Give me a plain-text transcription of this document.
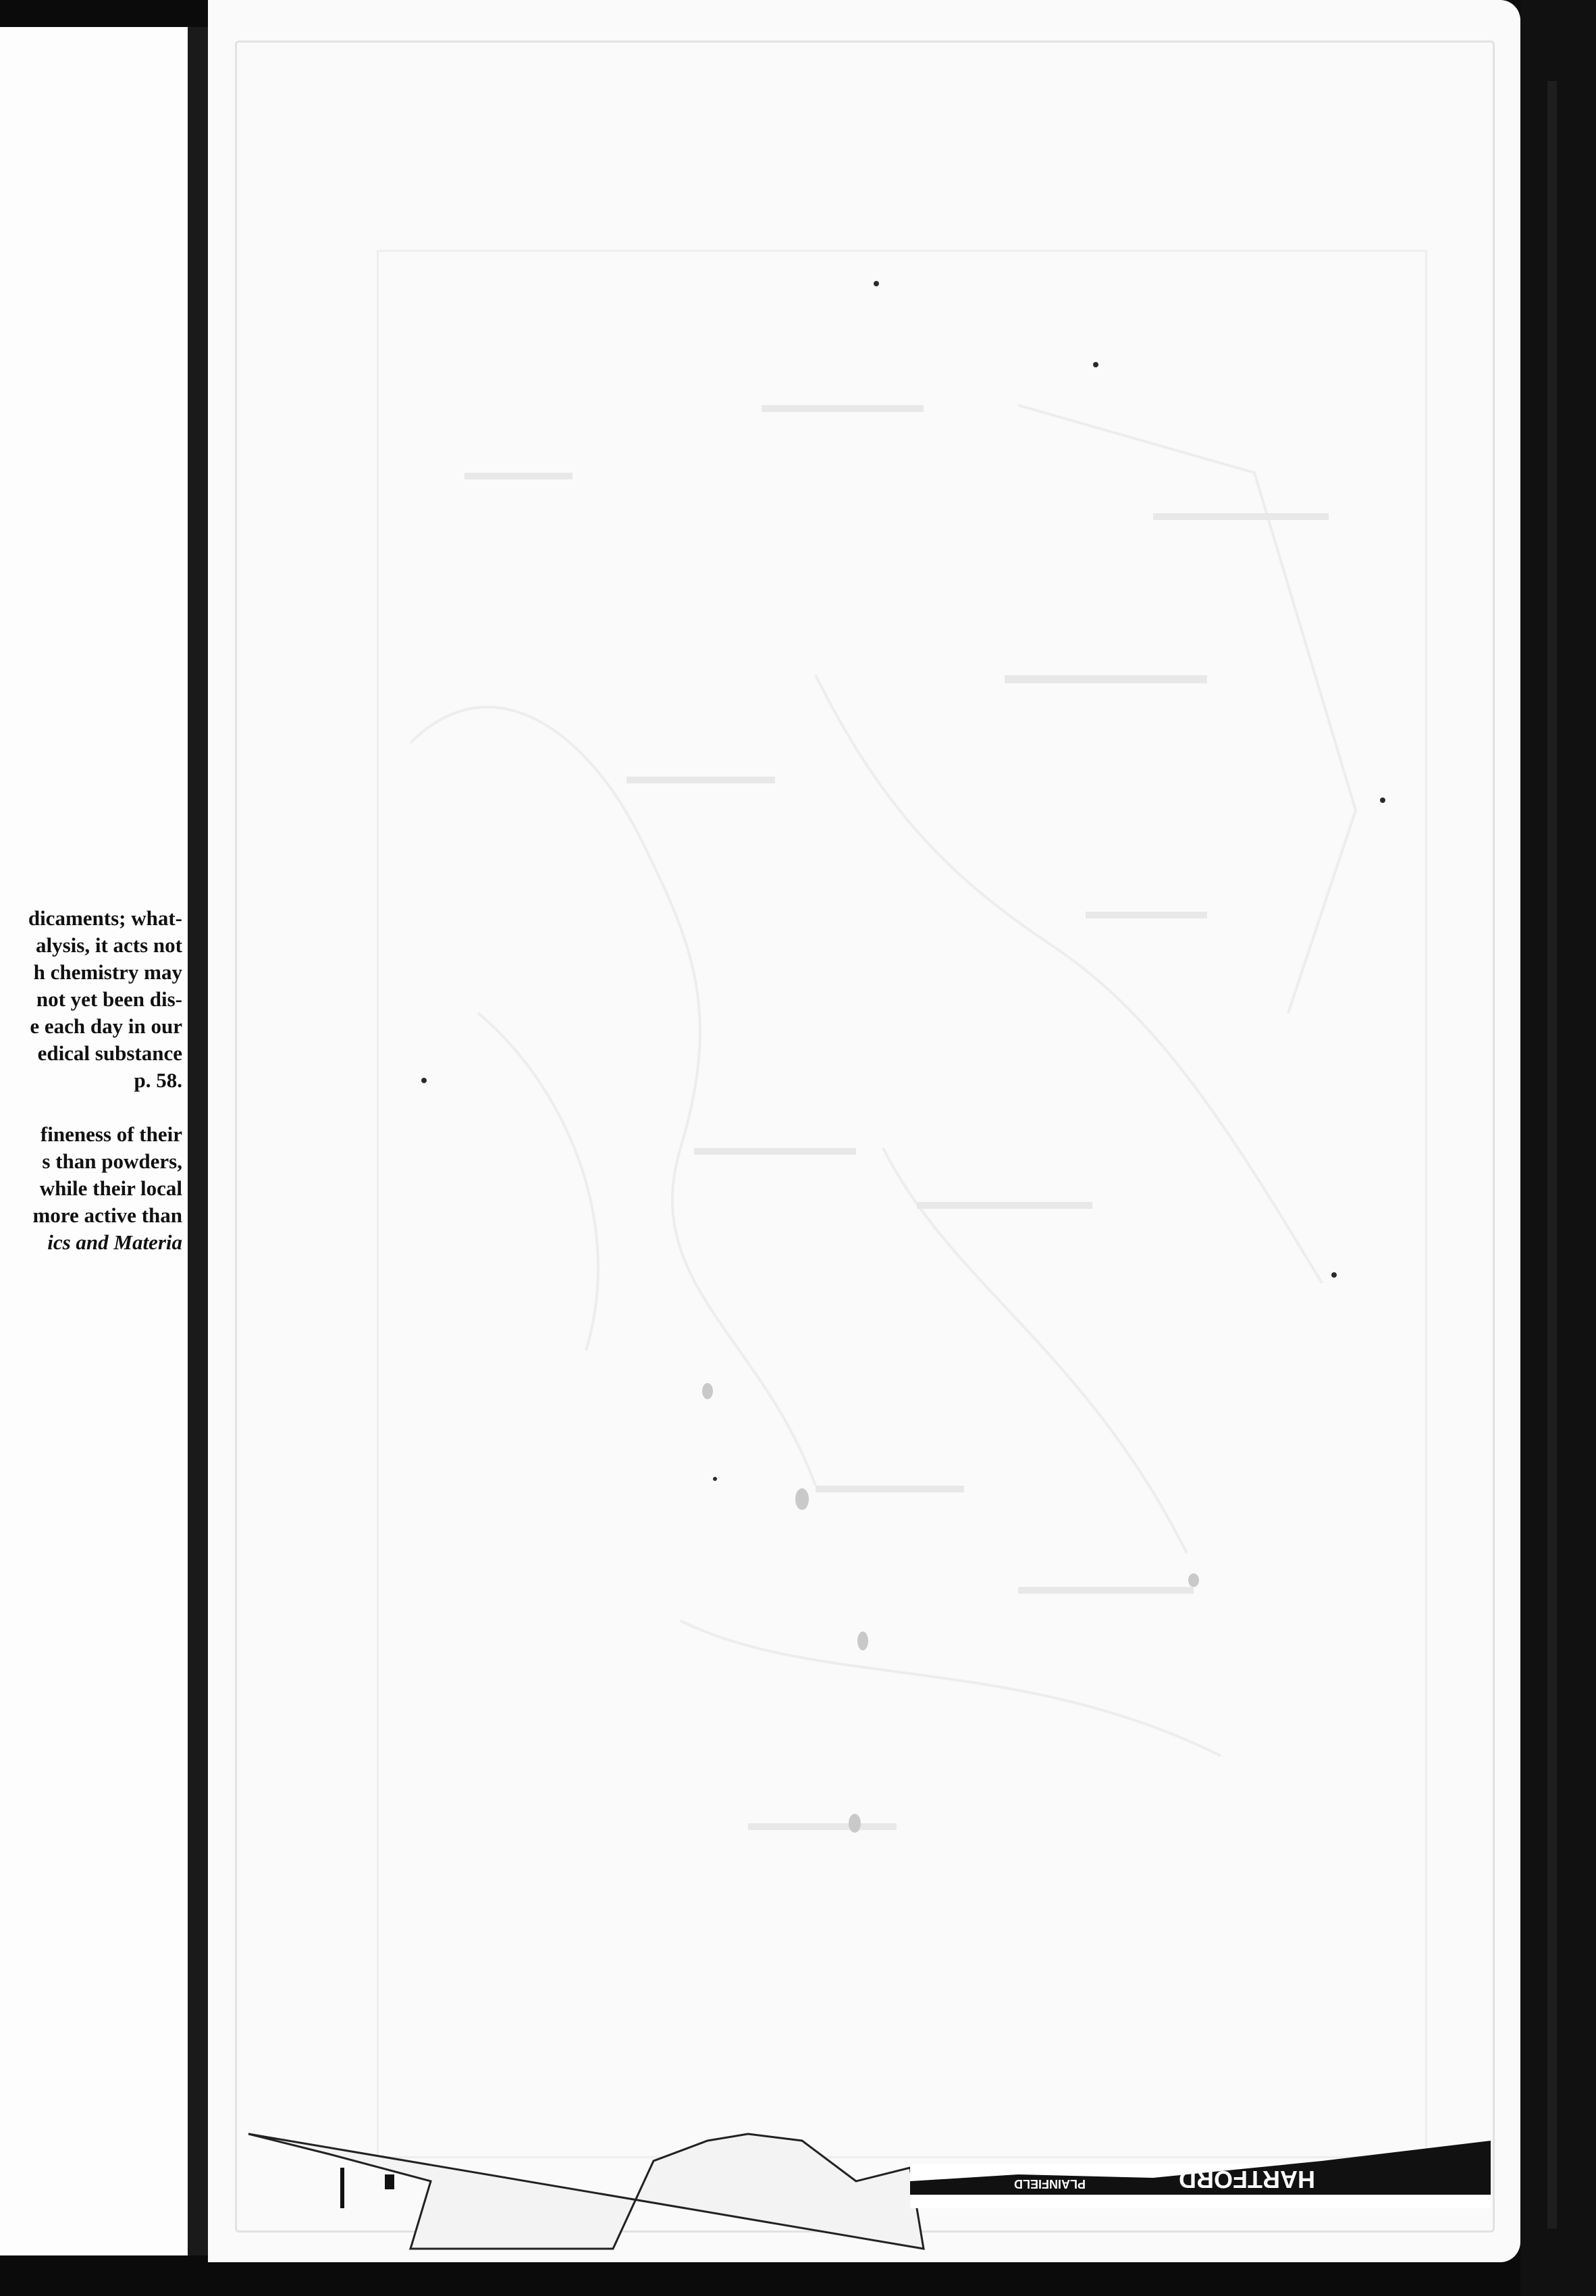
dicaments; what-
alysis, it acts not
h chemistry may
not yet been dis-
e each day in our
edical substance
p. 58.
fineness of their
s than powders,
while their local
more active than
ics and Materia
HARTFORD
PLAINFIELD
